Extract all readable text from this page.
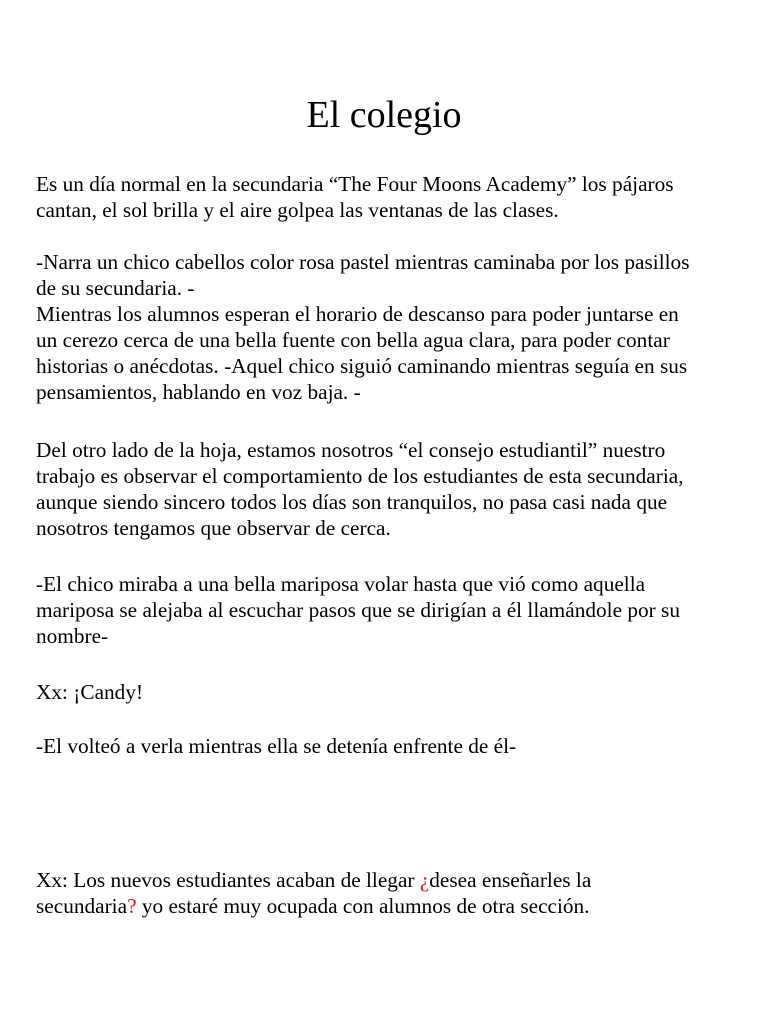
El colegio

Es un día normal en la secundaria “The Four Moons Academy” los pájaros
cantan, el sol brilla y el aire golpea las ventanas de las clases.

-Narra un chico cabellos color rosa pastel mientras caminaba por los pasillos
de su secundaria. -
Mientras los alumnos esperan el horario de descanso para poder juntarse en
un cerezo cerca de una bella fuente con bella agua clara, para poder contar
historias o anécdotas. -Aquel chico siguió caminando mientras seguía en sus
pensamientos, hablando en voz baja. -

Del otro lado de la hoja, estamos nosotros “el consejo estudiantil” nuestro
trabajo es observar el comportamiento de los estudiantes de esta secundaria,
aunque siendo sincero todos los días son tranquilos, no pasa casi nada que
nosotros tengamos que observar de cerca.

-El chico miraba a una bella mariposa volar hasta que vió como aquella
mariposa se alejaba al escuchar pasos que se dirigían a él llamándole por su
nombre-

Xx: ¡Candy!

-El volteó a verla mientras ella se detenía enfrente de él-

Xx: Los nuevos estudiantes acaban de llegar ¿desea enseñarles la
secundaria? yo estaré muy ocupada con alumnos de otra sección.
